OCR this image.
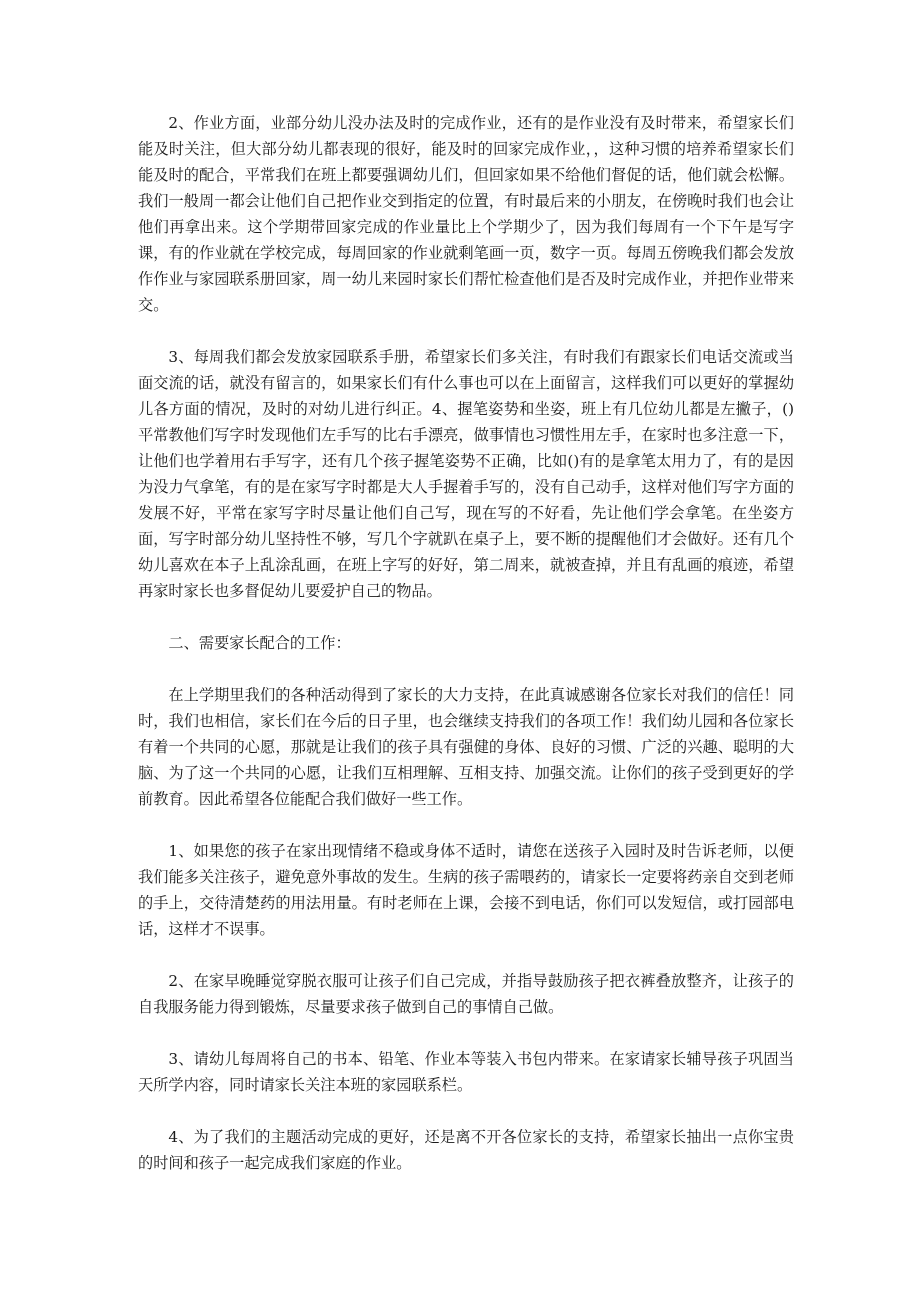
2、作业方面，业部分幼儿没办法及时的完成作业，还有的是作业没有及时带来，希望家长们能及时关注，但大部分幼儿都表现的很好，能及时的回家完成作业，，这种习惯的培养希望家长们能及时的配合，平常我们在班上都要强调幼儿们，但回家如果不给他们督促的话，他们就会松懈。我们一般周一都会让他们自己把作业交到指定的位置，有时最后来的小朋友，在傍晚时我们也会让他们再拿出来。这个学期带回家完成的作业量比上个学期少了，因为我们每周有一个下午是写字课，有的作业就在学校完成，每周回家的作业就剩笔画一页，数字一页。每周五傍晚我们都会发放作作业与家园联系册回家，周一幼儿来园时家长们帮忙检查他们是否及时完成作业，并把作业带来交。

3、每周我们都会发放家园联系手册，希望家长们多关注，有时我们有跟家长们电话交流或当面交流的话，就没有留言的，如果家长们有什么事也可以在上面留言，这样我们可以更好的掌握幼儿各方面的情况，及时的对幼儿进行纠正。4、握笔姿势和坐姿，班上有几位幼儿都是左撇子，()平常教他们写字时发现他们左手写的比右手漂亮，做事情也习惯性用左手，在家时也多注意一下，让他们也学着用右手写字，还有几个孩子握笔姿势不正确，比如()有的是拿笔太用力了，有的是因为没力气拿笔，有的是在家写字时都是大人手握着手写的，没有自己动手，这样对他们写字方面的发展不好，平常在家写字时尽量让他们自己写，现在写的不好看，先让他们学会拿笔。在坐姿方面，写字时部分幼儿坚持性不够，写几个字就趴在桌子上，要不断的提醒他们才会做好。还有几个幼儿喜欢在本子上乱涂乱画，在班上字写的好好，第二周来，就被查掉，并且有乱画的痕迹，希望再家时家长也多督促幼儿要爱护自己的物品。

二、需要家长配合的工作：

在上学期里我们的各种活动得到了家长的大力支持，在此真诚感谢各位家长对我们的信任！同时，我们也相信，家长们在今后的日子里，也会继续支持我们的各项工作！我们幼儿园和各位家长有着一个共同的心愿，那就是让我们的孩子具有强健的身体、良好的习惯、广泛的兴趣、聪明的大脑、为了这一个共同的心愿，让我们互相理解、互相支持、加强交流。让你们的孩子受到更好的学前教育。因此希望各位能配合我们做好一些工作。

1、如果您的孩子在家出现情绪不稳或身体不适时，请您在送孩子入园时及时告诉老师，以便我们能多关注孩子，避免意外事故的发生。生病的孩子需喂药的，请家长一定要将药亲自交到老师的手上，交待清楚药的用法用量。有时老师在上课，会接不到电话，你们可以发短信，或打园部电话，这样才不误事。

2、在家早晚睡觉穿脱衣服可让孩子们自己完成，并指导鼓励孩子把衣裤叠放整齐，让孩子的自我服务能力得到锻炼，尽量要求孩子做到自己的事情自己做。

3、请幼儿每周将自己的书本、铅笔、作业本等装入书包内带来。在家请家长辅导孩子巩固当天所学内容，同时请家长关注本班的家园联系栏。

4、为了我们的主题活动完成的更好，还是离不开各位家长的支持，希望家长抽出一点你宝贵的时间和孩子一起完成我们家庭的作业。
